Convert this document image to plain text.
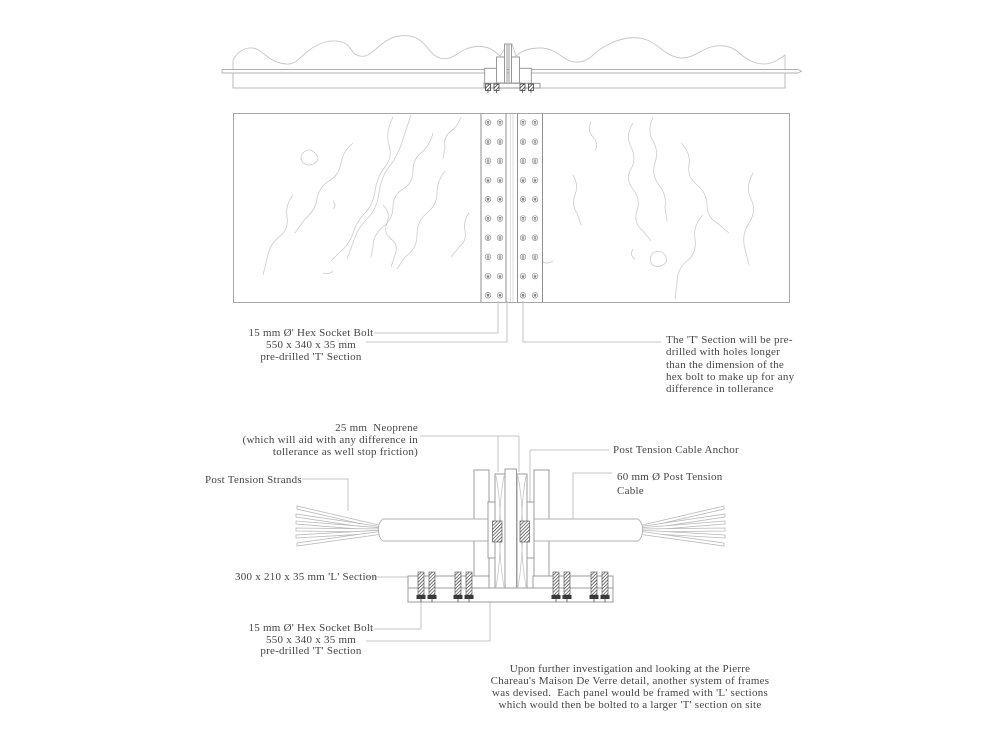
15 mm Ø' Hex Socket Bolt
550 x 340 x 35 mm
pre-drilled 'T' Section
The 'T' Section will be pre-
drilled with holes longer
than the dimension of the
hex bolt to make up for any
difference in tollerance
25 mm  Neoprene
(which will aid with any difference in
tollerance as well stop friction)
Post Tension Strands
Post Tension Cable Anchor
60 mm Ø Post Tension
Cable
300 x 210 x 35 mm 'L' Section
15 mm Ø' Hex Socket Bolt
550 x 340 x 35 mm
pre-drilled 'T' Section
Upon further investigation and looking at the Pierre
Chareau's Maison De Verre detail, another system of frames
was devised.  Each panel would be framed with 'L' sections
which would then be bolted to a larger 'T' section on site
